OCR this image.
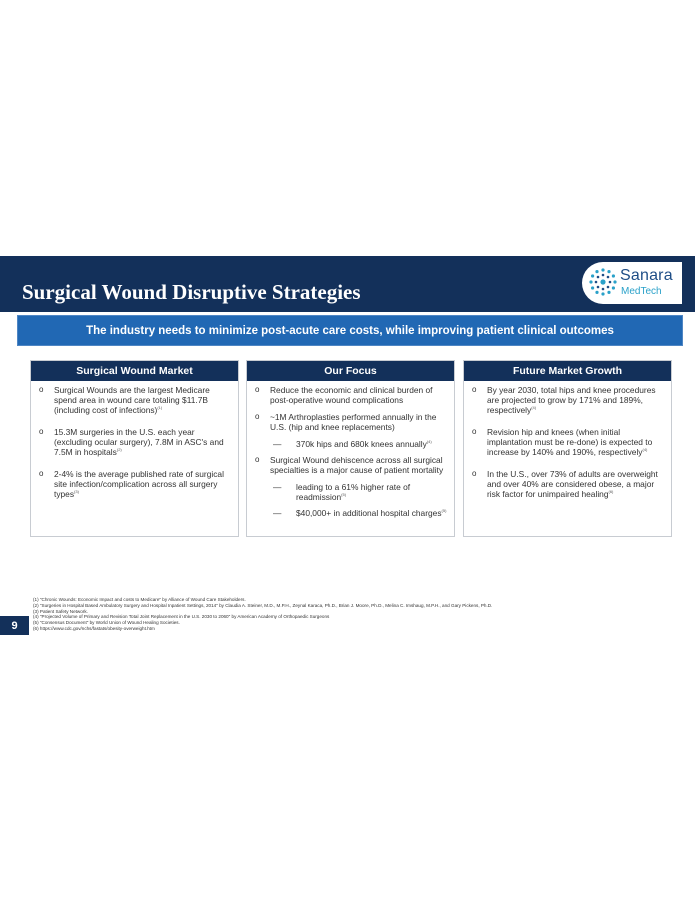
Surgical Wound Disruptive Strategies
Sanara
MedTech
The industry needs to minimize post-acute care costs, while improving patient clinical outcomes
Surgical Wound Market
o Surgical Wounds are the largest Medicare spend area in wound care totaling $11.7B (including cost of infections)$^{(1)}$
o 15.3M surgeries in the U.S. each year (excluding ocular surgery), 7.8M in ASC's and 7.5M in hospitals$^{(2)}$
o 2-4% is the average published rate of surgical site infection/complication across all surgery types$^{(3)}$
Our Focus
o Reduce the economic and clinical burden of post-operative wound complications
o ~1M Arthroplasties performed annually in the U.S. (hip and knee replacements)
— 370k hips and 680k knees annually$^{(4)}$
o Surgical Wound dehiscence across all surgical specialties is a major cause of patient mortality
— leading to a 61% higher rate of readmission$^{(5)}$
— $40,000+ in additional hospital charges$^{(5)}$
Future Market Growth
o By year 2030, total hips and knee procedures are projected to grow by 171% and 189%, respectively$^{(4)}$
o Revision hip and knees (when initial implantation must be re-done) is expected to increase by 140% and 190%, respectively$^{(4)}$
o In the U.S., over 73% of adults are overweight and over 40% are considered obese, a major risk factor for unimpaired healing$^{(6)}$
(1) "Chronic Wounds: Economic Impact and costs to Medicare" by Alliance of Wound Care Stakeholders.
(2) "Surgeries in Hospital Based Ambulatory Surgery and Hospital Inpatient Settings, 2014" by Claudia A. Steiner, M.D., M.P.H., Zeynal Karaca, Ph.D., Brian J. Moore, Ph.D., Melina C. Imshaug, M.P.H., and Gary Pickens, Ph.D.
(3) Patient Safety Network.
(4) "Projected Volume of Primary and Revision Total Joint Replacement in the U.S. 2030 to 2060" by American Academy of Orthopaedic Surgeons
(5) "Consensus Document" by World Union of Wound Healing Societies.
(6) https://www.cdc.gov/nchs/fastats/obesity-overweight.htm
9
